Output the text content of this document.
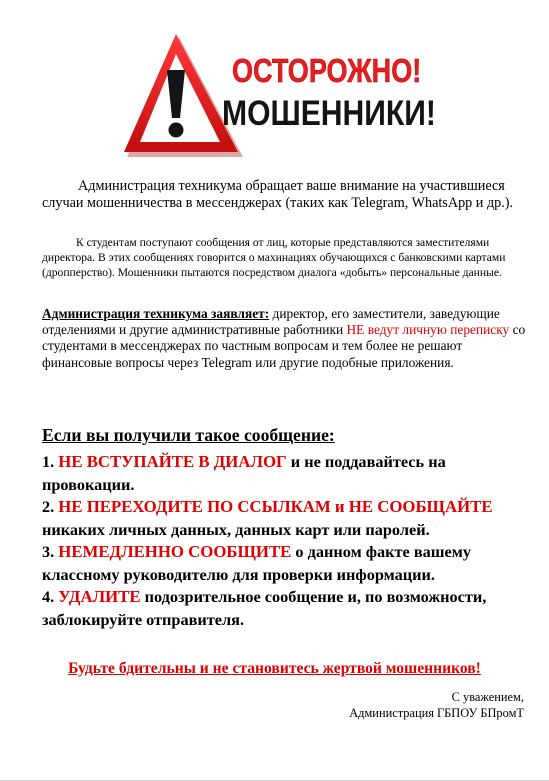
ОСТОРОЖНО!
МОШЕННИКИ!

Администрация техникума обращает ваше внимание на участившиеся случаи мошенничества в мессенджерах (таких как Telegram, WhatsApp и др.).

К студентам поступают сообщения от лиц, которые представляются заместителями директора. В этих сообщениях говорится о махинациях обучающихся с банковскими картами (дропперство). Мошенники пытаются посредством диалога «добыть» персональные данные.

Администрация техникума заявляет: директор, его заместители, заведующие отделениями и другие административные работники НЕ ведут личную переписку со студентами в мессенджерах по частным вопросам и тем более не решают финансовые вопросы через Telegram или другие подобные приложения.

Если вы получили такое сообщение:

1. НЕ ВСТУПАЙТЕ В ДИАЛОГ и не поддавайтесь на провокации.

2. НЕ ПЕРЕХОДИТЕ ПО ССЫЛКАМ и НЕ СООБЩАЙТЕ никаких личных данных, данных карт или паролей.

3. НЕМЕДЛЕННО СООБЩИТЕ о данном факте вашему классному руководителю для проверки информации.

4. УДАЛИТЕ подозрительное сообщение и, по возможности, заблокируйте отправителя.

Будьте бдительны и не становитесь жертвой мошенников!
С уважением,
Администрация ГБПОУ БПромТ
